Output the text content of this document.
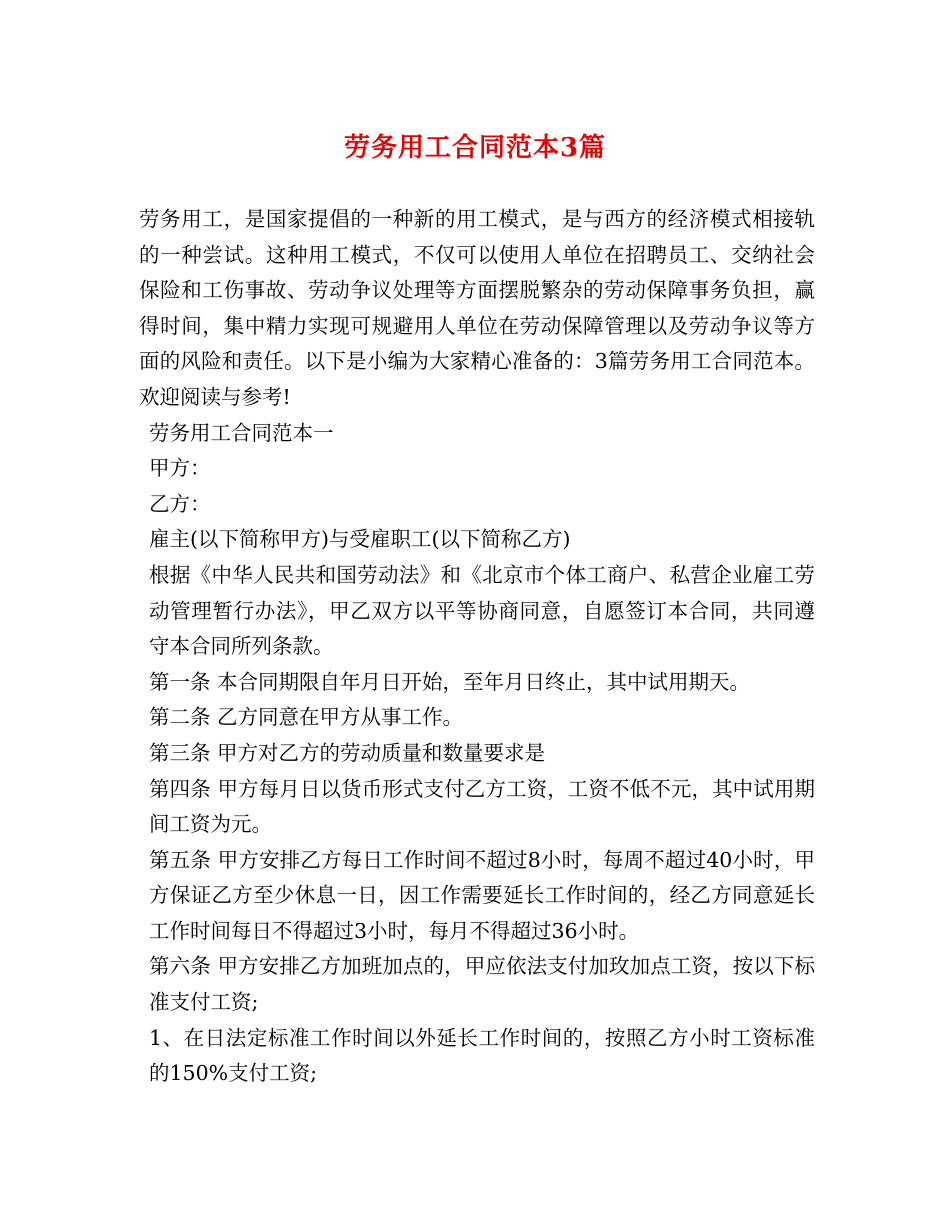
劳务用工合同范本3篇

劳务用工，是国家提倡的一种新的用工模式，是与西方的经济模式相接轨的一种尝试。这种用工模式，不仅可以使用人单位在招聘员工、交纳社会保险和工伤事故、劳动争议处理等方面摆脱繁杂的劳动保障事务负担，赢得时间，集中精力实现可规避用人单位在劳动保障管理以及劳动争议等方面的风险和责任。以下是小编为大家精心准备的：3篇劳务用工合同范本。欢迎阅读与参考!

劳务用工合同范本一

甲方：

乙方：

雇主(以下简称甲方)与受雇职工(以下简称乙方)

根据《中华人民共和国劳动法》和《北京市个体工商户、私营企业雇工劳动管理暂行办法》，甲乙双方以平等协商同意，自愿签订本合同，共同遵守本合同所列条款。

第一条 本合同期限自年月日开始，至年月日终止，其中试用期天。

第二条 乙方同意在甲方从事工作。

第三条 甲方对乙方的劳动质量和数量要求是

第四条 甲方每月日以货币形式支付乙方工资，工资不低不元，其中试用期间工资为元。

第五条 甲方安排乙方每日工作时间不超过8小时，每周不超过40小时，甲方保证乙方至少休息一日，因工作需要延长工作时间的，经乙方同意延长工作时间每日不得超过3小时，每月不得超过36小时。

第六条 甲方安排乙方加班加点的，甲应依法支付加玫加点工资，按以下标准支付工资;

1、在日法定标准工作时间以外延长工作时间的，按照乙方小时工资标准的150%支付工资;
